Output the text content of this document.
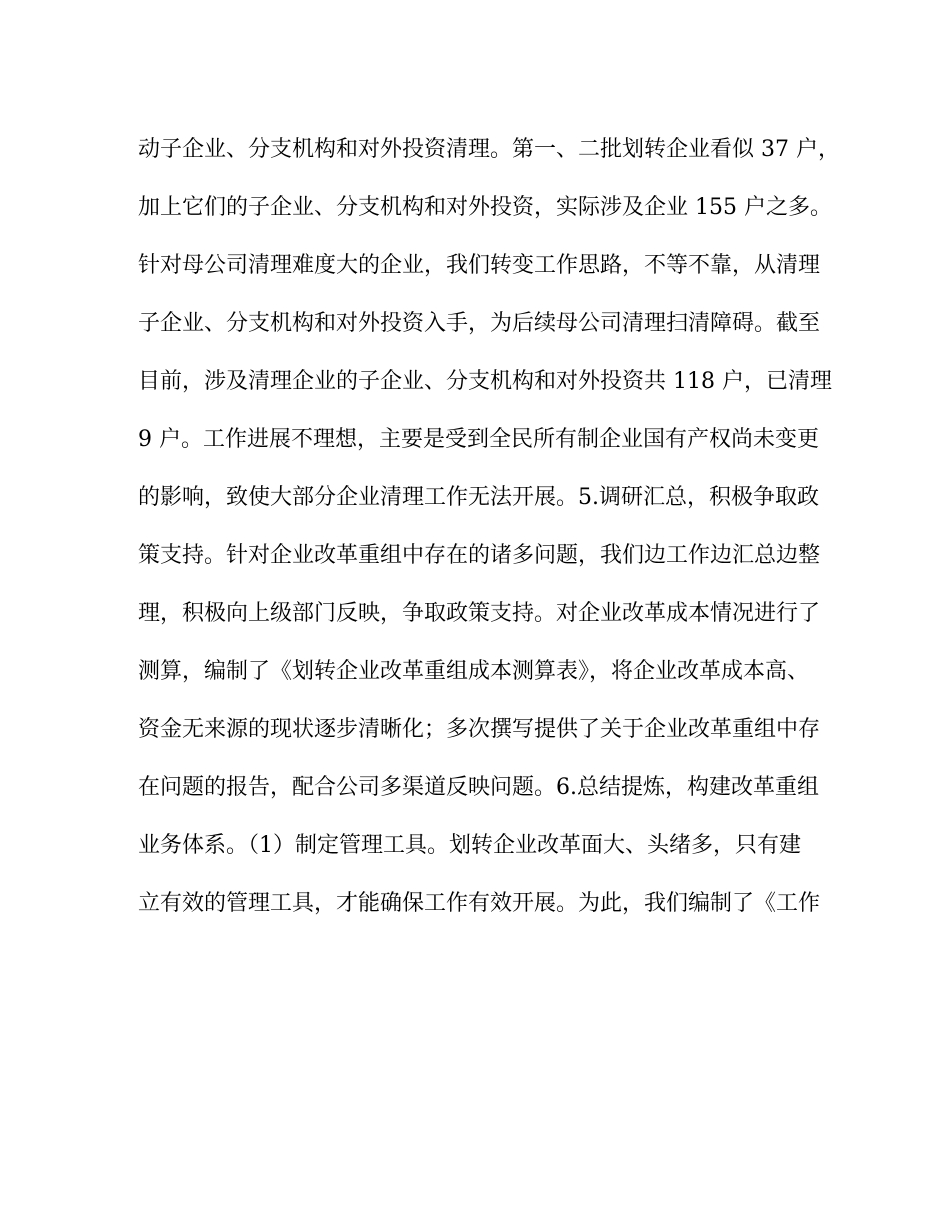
动子企业、分支机构和对外投资清理。第一、二批划转企业看似 37 户，
加上它们的子企业、分支机构和对外投资，实际涉及企业 155 户之多。
针对母公司清理难度大的企业，我们转变工作思路，不等不靠，从清理
子企业、分支机构和对外投资入手，为后续母公司清理扫清障碍。截至
目前，涉及清理企业的子企业、分支机构和对外投资共 118 户，已清理
9 户。工作进展不理想，主要是受到全民所有制企业国有产权尚未变更
的影响，致使大部分企业清理工作无法开展。5.调研汇总，积极争取政
策支持。针对企业改革重组中存在的诸多问题，我们边工作边汇总边整
理，积极向上级部门反映，争取政策支持。对企业改革成本情况进行了
测算，编制了《划转企业改革重组成本测算表》，将企业改革成本高、
资金无来源的现状逐步清晰化；多次撰写提供了关于企业改革重组中存
在问题的报告，配合公司多渠道反映问题。6.总结提炼，构建改革重组
业务体系。（1）制定管理工具。划转企业改革面大、头绪多，只有建
立有效的管理工具，才能确保工作有效开展。为此，我们编制了《工作
